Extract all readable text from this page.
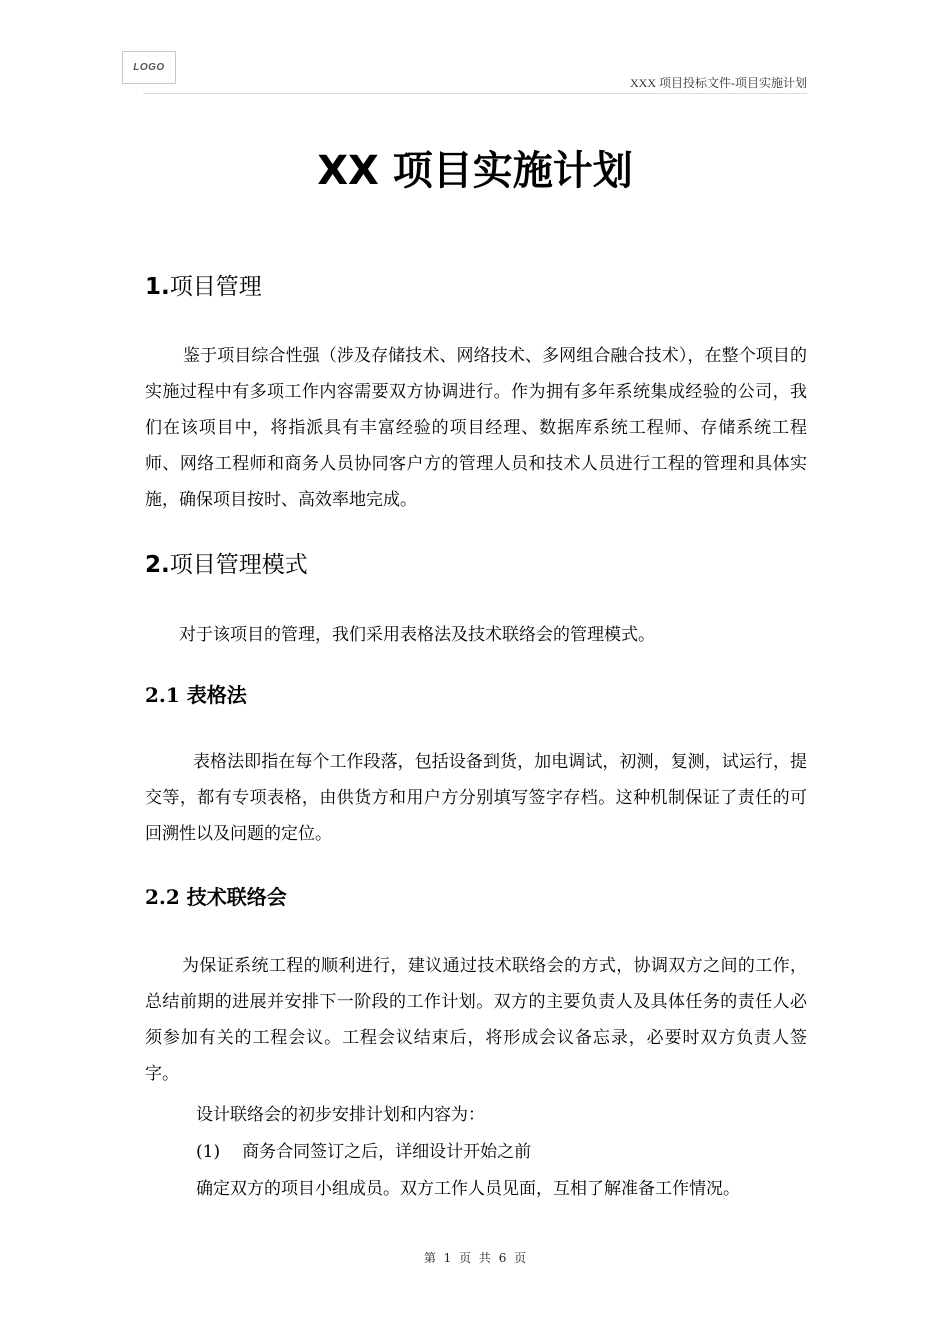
LOGO
XXX 项目投标文件-项目实施计划
XX 项目实施计划
1.项目管理
鉴于项目综合性强（涉及存储技术、网络技术、多网组合融合技术），在整个项目的实施过程中有多项工作内容需要双方协调进行。作为拥有多年系统集成经验的公司，我们在该项目中，将指派具有丰富经验的项目经理、数据库系统工程师、存储系统工程师、网络工程师和商务人员协同客户方的管理人员和技术人员进行工程的管理和具体实施，确保项目按时、高效率地完成。
2.项目管理模式
对于该项目的管理，我们采用表格法及技术联络会的管理模式。
2.1 表格法
表格法即指在每个工作段落，包括设备到货，加电调试，初测，复测，试运行，提交等，都有专项表格，由供货方和用户方分别填写签字存档。这种机制保证了责任的可回溯性以及问题的定位。
2.2 技术联络会
为保证系统工程的顺利进行，建议通过技术联络会的方式，协调双方之间的工作，总结前期的进展并安排下一阶段的工作计划。双方的主要负责人及具体任务的责任人必须参加有关的工程会议。工程会议结束后，将形成会议备忘录，必要时双方负责人签字。
设计联络会的初步安排计划和内容为：
(1) 商务合同签订之后，详细设计开始之前
确定双方的项目小组成员。双方工作人员见面，互相了解准备工作情况。
第 1 页 共 6 页
